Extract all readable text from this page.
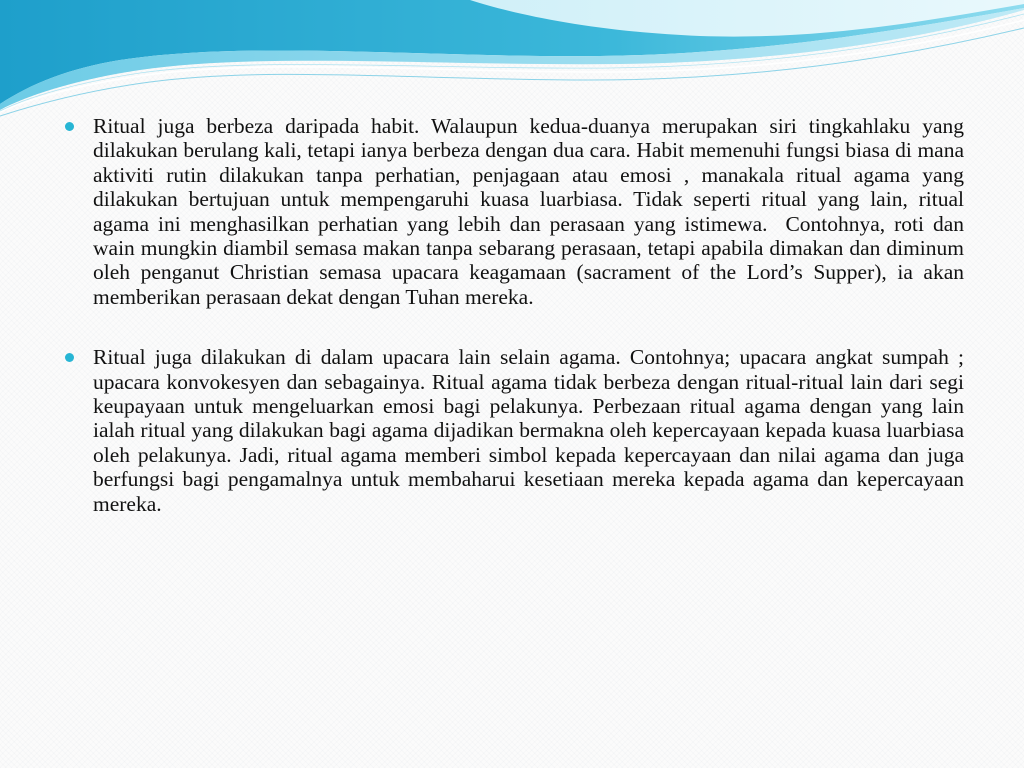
Ritual juga berbeza daripada habit. Walaupun kedua-duanya merupakan siri tingkahlaku yang dilakukan berulang kali, tetapi ianya berbeza dengan dua cara. Habit memenuhi fungsi biasa di mana aktiviti rutin dilakukan tanpa perhatian, penjagaan atau emosi , manakala ritual agama yang dilakukan bertujuan untuk mempengaruhi kuasa luarbiasa. Tidak seperti ritual yang lain, ritual agama ini menghasilkan perhatian yang lebih dan perasaan yang istimewa.  Contohnya, roti dan wain mungkin diambil semasa makan tanpa sebarang perasaan, tetapi apabila dimakan dan diminum oleh penganut Christian semasa upacara keagamaan (sacrament of the Lord’s Supper), ia akan memberikan perasaan dekat dengan Tuhan mereka.
Ritual juga dilakukan di dalam upacara lain selain agama. Contohnya; upacara angkat sumpah ; upacara konvokesyen dan sebagainya. Ritual agama tidak berbeza dengan ritual-ritual lain dari segi keupayaan untuk mengeluarkan emosi bagi pelakunya. Perbezaan ritual agama dengan yang lain ialah ritual yang dilakukan bagi agama dijadikan bermakna oleh kepercayaan kepada kuasa luarbiasa oleh pelakunya. Jadi, ritual agama memberi simbol kepada kepercayaan dan nilai agama dan juga berfungsi bagi pengamalnya untuk membaharui kesetiaan mereka kepada agama dan kepercayaan mereka.
